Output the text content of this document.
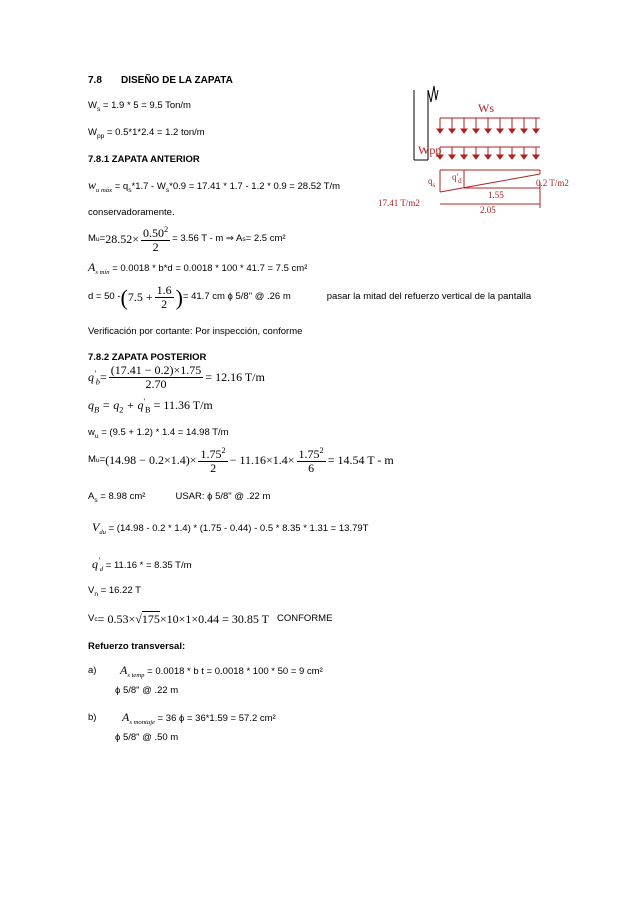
7.8 DISEÑO DE LA ZAPATA
$W_s = 1.9 * 5 = 9.5$ Ton/m
$W_{pp} = 0.5*1*2.4 = 1.2$ ton/m
7.8.1 ZAPATA ANTERIOR
$w_{u máx} = q_s*1.7 - W_s*0.9 = 17.41 * 1.7 - 1.2 * 0.9 = 28.52$ T/m
conservadoramente.
M $u = 28.52\times \frac{0.50^2}{2} = 3.56$ T - m ⇒ A s = 2.5 cm²
$A_{s mín} = 0.0018 * b*d = 0.0018 * 100 * 41.7 = 7.5$ cm²
d = 50 - ( $7.5 + \frac{1.6}{2}$ ) = 41.7 cm ϕ 5/8" @ .26 m	pasar la mitad del refuerzo vertical de la pantalla
Verificación por cortante: Por inspección, conforme
7.8.2 ZAPATA POSTERIOR
$q'_b = \frac{(17.41 - 0.2)\times 1.75}{2.70} = 12.16$ T/m
$q_B = q_2 + q'_B = 11.36$ T/m
$w_u = (9.5 + 1.2) * 1.4 = 14.98$ T/m
M $u = (14.98 - 0.2\times 1.4)\times \frac{1.75^2}{2} - 11.16\times 1.4\times \frac{1.75^2}{6} = 14.54$ T - m
$A_s = 8.98$ cm²	USAR: ϕ 5/8" @ .22 m
$V_{du} = (14.98 - 0.2 * 1.4) * (1.75 - 0.44) - 0.5 * 8.35 * 1.31 = 13.79T$
$q'_d = 11.16$ * = 8.35 T/m
$V_n = 16.22$ T
V c = 0.53× √175 ×10×1×0.44 = 30.85 T CONFORME
Refuerzo transversal:
a) $A_{s temp} = 0.0018 * b$ t = 0.0018 * 100 * 50 = 9 cm²
ϕ 5/8" @ .22 m
b) $A_{s montaje} = 36$ ϕ = 36*1.59 = 57.2 cm²
ϕ 5/8" @ .50 m
Ws
Wpp
$q_s$
$q'_d$
1.55
2.05
17.41 T/m2
0.2 T/m2
